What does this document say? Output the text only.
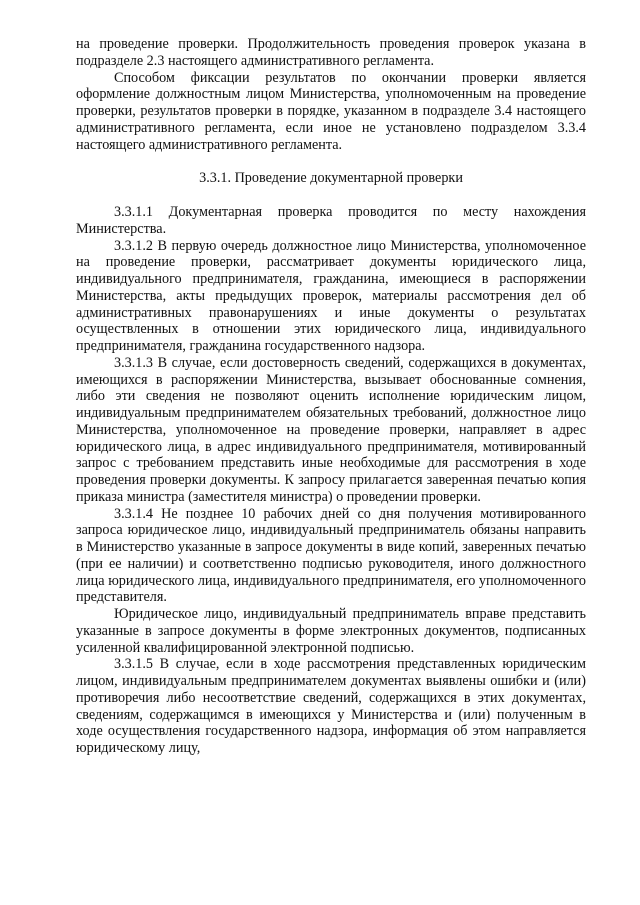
на проведение проверки. Продолжительность проведения проверок указана в подразделе 2.3 настоящего административного регламента.

Способом фиксации результатов по окончании проверки является оформление должностным лицом Министерства, уполномоченным на проведение проверки, результатов проверки в порядке, указанном в подразделе 3.4 настоящего административного регламента, если иное не установлено подразделом 3.3.4 настоящего административного регламента.

3.3.1. Проведение документарной проверки

3.3.1.1 Документарная проверка проводится по месту нахождения Министерства.

3.3.1.2 В первую очередь должностное лицо Министерства, уполномоченное на проведение проверки, рассматривает документы юридического лица, индивидуального предпринимателя, гражданина, имеющиеся в распоряжении Министерства, акты предыдущих проверок, материалы рассмотрения дел об административных правонарушениях и иные документы о результатах осуществленных в отношении этих юридического лица, индивидуального предпринимателя, гражданина государственного надзора.

3.3.1.3 В случае, если достоверность сведений, содержащихся в документах, имеющихся в распоряжении Министерства, вызывает обоснованные сомнения, либо эти сведения не позволяют оценить исполнение юридическим лицом, индивидуальным предпринимателем обязательных требований, должностное лицо Министерства, уполномоченное на проведение проверки, направляет в адрес юридического лица, в адрес индивидуального предпринимателя, мотивированный запрос с требованием представить иные необходимые для рассмотрения в ходе проведения проверки документы. К запросу прилагается заверенная печатью копия приказа министра (заместителя министра) о проведении проверки.

3.3.1.4 Не позднее 10 рабочих дней со дня получения мотивированного запроса юридическое лицо, индивидуальный предприниматель обязаны направить в Министерство указанные в запросе документы в виде копий, заверенных печатью (при ее наличии) и соответственно подписью руководителя, иного должностного лица юридического лица, индивидуального предпринимателя, его уполномоченного представителя.

Юридическое лицо, индивидуальный предприниматель вправе представить указанные в запросе документы в форме электронных документов, подписанных усиленной квалифицированной электронной подписью.

3.3.1.5 В случае, если в ходе рассмотрения представленных юридическим лицом, индивидуальным предпринимателем документах выявлены ошибки и (или) противоречия либо несоответствие сведений, содержащихся в этих документах, сведениям, содержащимся в имеющихся у Министерства и (или) полученным в ходе осуществления государственного надзора, информация об этом направляется юридическому лицу,
